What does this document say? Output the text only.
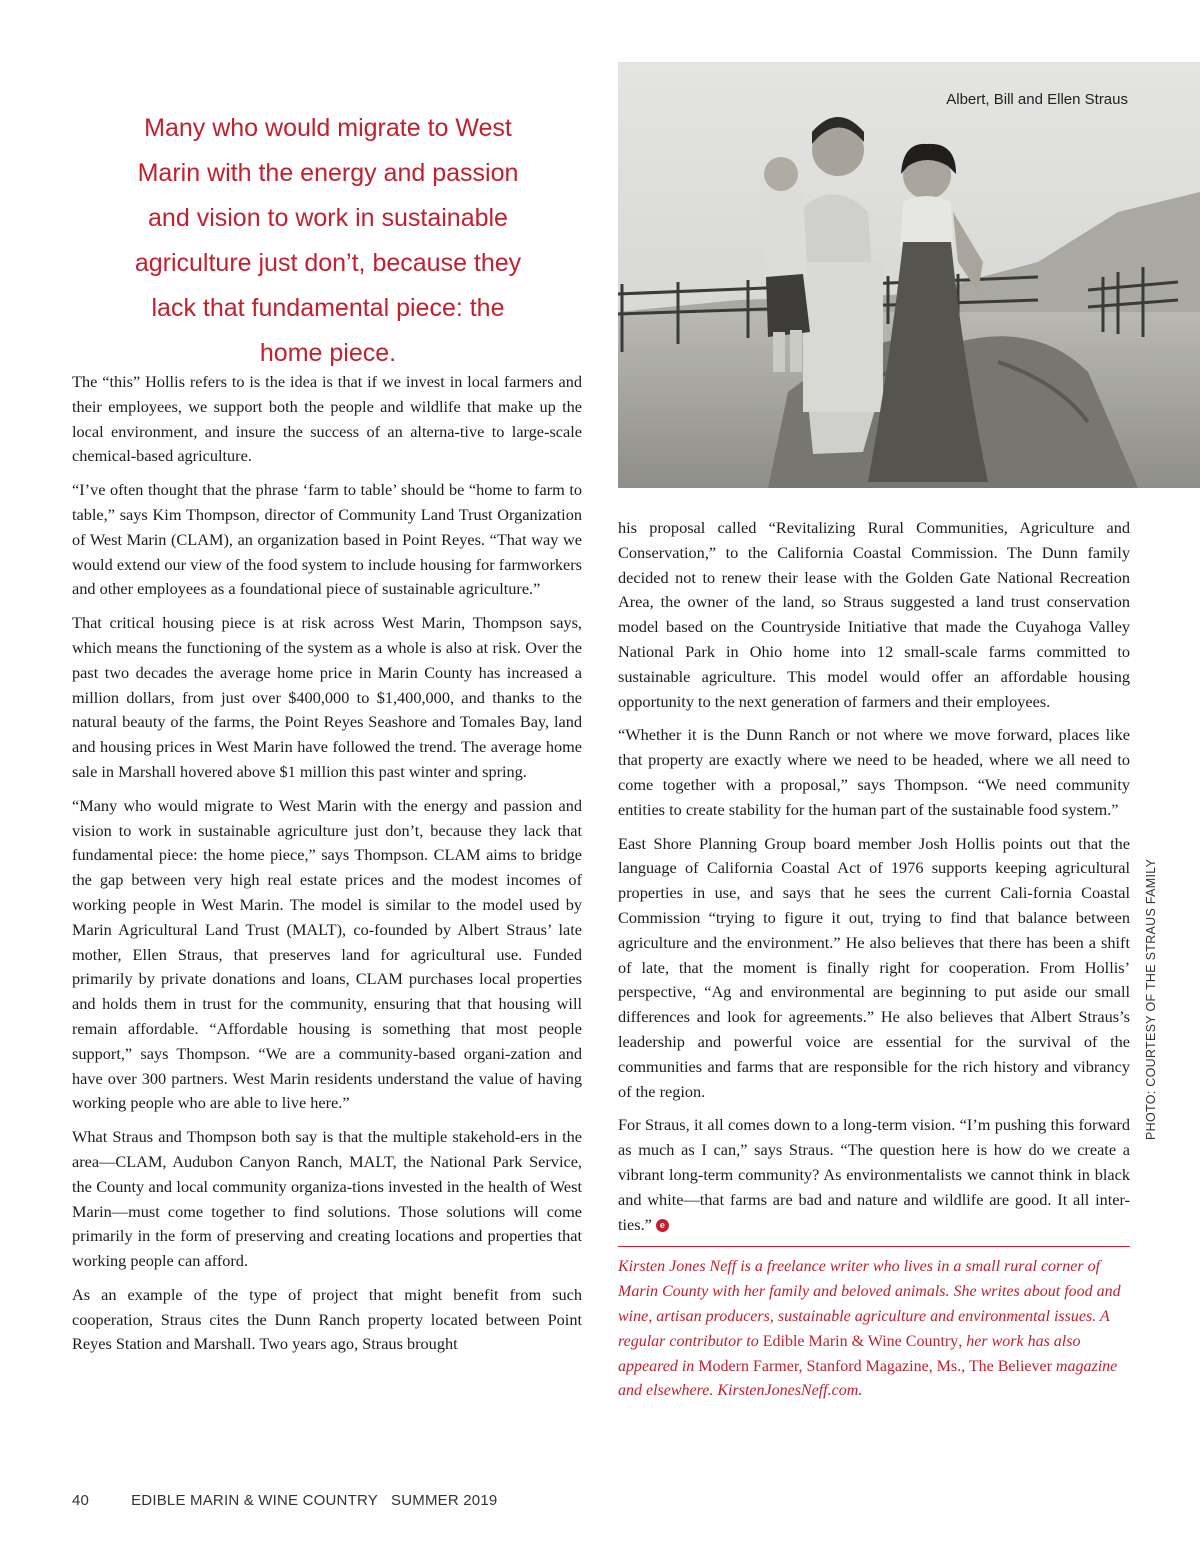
Many who would migrate to West Marin with the energy and passion and vision to work in sustainable agriculture just don’t, because they lack that fundamental piece: the home piece.
Albert, Bill and Ellen Straus

The “this” Hollis refers to is the idea is that if we invest in local farmers and their employees, we support both the people and wildlife that make up the local environment, and insure the success of an alterna-tive to large-scale chemical-based agriculture.

“I’ve often thought that the phrase ‘farm to table’ should be “home to farm to table,” says Kim Thompson, director of Community Land Trust Organization of West Marin (CLAM), an organization based in Point Reyes. “That way we would extend our view of the food system to include housing for farmworkers and other employees as a foundational piece of sustainable agriculture.”

That critical housing piece is at risk across West Marin, Thompson says, which means the functioning of the system as a whole is also at risk. Over the past two decades the average home price in Marin County has increased a million dollars, from just over $400,000 to $1,400,000, and thanks to the natural beauty of the farms, the Point Reyes Seashore and Tomales Bay, land and housing prices in West Marin have followed the trend. The average home sale in Marshall hovered above $1 million this past winter and spring.

“Many who would migrate to West Marin with the energy and passion and vision to work in sustainable agriculture just don’t, because they lack that fundamental piece: the home piece,” says Thompson. CLAM aims to bridge the gap between very high real estate prices and the modest incomes of working people in West Marin. The model is similar to the model used by Marin Agricultural Land Trust (MALT), co-founded by Albert Straus’ late mother, Ellen Straus, that preserves land for agricultural use. Funded primarily by private donations and loans, CLAM purchases local properties and holds them in trust for the community, ensuring that that housing will remain affordable. “Affordable housing is something that most people support,” says Thompson. “We are a community-based organi-zation and have over 300 partners. West Marin residents understand the value of having working people who are able to live here.”

What Straus and Thompson both say is that the multiple stakehold-ers in the area—CLAM, Audubon Canyon Ranch, MALT, the National Park Service, the County and local community organiza-tions invested in the health of West Marin—must come together to find solutions. Those solutions will come primarily in the form of preserving and creating locations and properties that working people can afford.

As an example of the type of project that might benefit from such cooperation, Straus cites the Dunn Ranch property located between Point Reyes Station and Marshall. Two years ago, Straus brought

his proposal called “Revitalizing Rural Communities, Agriculture and Conservation,” to the California Coastal Commission. The Dunn family decided not to renew their lease with the Golden Gate National Recreation Area, the owner of the land, so Straus suggested a land trust conservation model based on the Countryside Initiative that made the Cuyahoga Valley National Park in Ohio home into 12 small-scale farms committed to sustainable agriculture. This model would offer an affordable housing opportunity to the next generation of farmers and their employees.

“Whether it is the Dunn Ranch or not where we move forward, places like that property are exactly where we need to be headed, where we all need to come together with a proposal,” says Thompson. “We need community entities to create stability for the human part of the sustainable food system.”

East Shore Planning Group board member Josh Hollis points out that the language of California Coastal Act of 1976 supports keeping agricultural properties in use, and says that he sees the current Cali-fornia Coastal Commission “trying to figure it out, trying to find that balance between agriculture and the environment.” He also believes that there has been a shift of late, that the moment is finally right for cooperation. From Hollis’ perspective, “Ag and environmental are beginning to put aside our small differences and look for agreements.” He also believes that Albert Straus’s leadership and powerful voice are essential for the survival of the communities and farms that are responsible for the rich history and vibrancy of the region.

For Straus, it all comes down to a long-term vision. “I’m pushing this forward as much as I can,” says Straus. “The question here is how do we create a vibrant long-term community? As environmentalists we cannot think in black and white—that farms are bad and nature and wildlife are good. It all inter-ties.” e

Kirsten Jones Neff is a freelance writer who lives in a small rural corner of Marin County with her family and beloved animals. She writes about food and wine, artisan producers, sustainable agriculture and environmental issues. A regular contributor to Edible Marin & Wine Country, her work has also appeared in Modern Farmer, Stanford Magazine, Ms., The Believer magazine and elsewhere. KirstenJonesNeff.com.

PHOTO: COURTESY OF THE STRAUS FAMILY
40	EDIBLE MARIN & WINE COUNTRY SUMMER 2019
